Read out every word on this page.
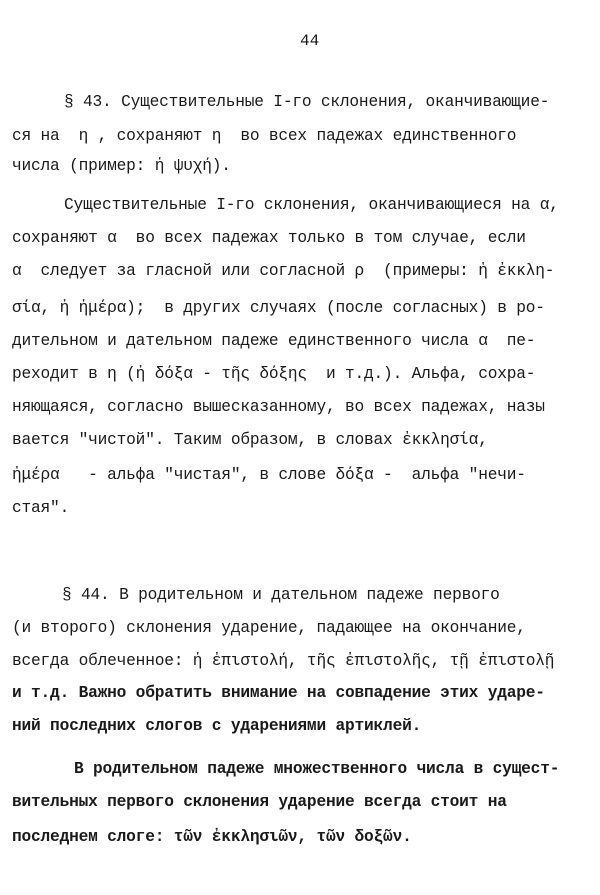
44
§ 43. Существительные I-го склонения, оканчивающие-
ся на  η , сохраняют η  во всех падежах единственного
числа (пример: ἡ ψυχή).
Существительные I-го склонения, оканчивающиеся на α,
сохраняют α  во всех падежах только в том случае, если
α  следует за гласной или согласной ρ  (примеры: ἡ ἐκκλη-
σία, ἡ ἡμέρα);  в других случаях (после согласных) в ро-
дительном и дательном падеже единственного числа α  пе-
реходит в η (ἡ δόξα - τῆς δόξης  и т.д.). Альфа, сохра-
няющаяся, согласно вышесказанному, во всех падежах, назы
вается "чистой". Таким образом, в словах ἐκκλησία,
ἡμέρα   - альфа "чистая", в слове δόξα -  альфа "нечи-
стая".
§ 44. В родительном и дательном падеже первого
(и второго) склонения ударение, падающее на окончание,
всегда облеченное: ἡ ἐπιστολή, τῆς ἐπιστολῆς, τῇ ἐπιστολῇ
и т.д. Важно обратить внимание на совпадение этих ударе-
ний последних слогов с ударениями артиклей.
В родительном падеже множественного числа в сущест-
вительных первого склонения ударение всегда стоит на
последнем слоге: τῶν ἐκκλησιῶν, τῶν δοξῶν.
